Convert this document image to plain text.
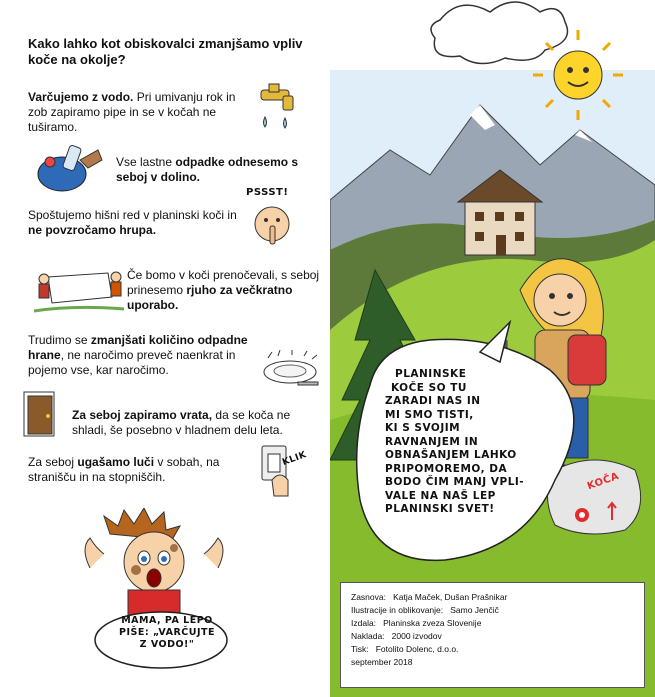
Kako lahko kot obiskovalci zmanjšamo vpliv koče na okolje?
Varčujemo z vodo. Pri umivanju rok in zob zapiramo pipe in se v kočah ne tuširamo.
Vse lastne odpadke odnesemo s seboj v dolino.
Spoštujemo hišni red v planinski koči in ne povzročamo hrupa.
PSSST!
Če bomo v koči prenočevali, s seboj prinesemo rjuho za večkratno uporabo.
Trudimo se zmanjšati količino odpadne hrane, ne naročimo preveč naenkrat in pojemo vse, kar naročimo.
Za seboj zapiramo vrata, da se koča ne shladi, še posebno v hladnem delu leta.
Za seboj ugašamo luči v sobah, na stranišču in na stopniščih.
KLIK
MAMA, PA LEPO
PIŠE: „VARČUJTE
Z VODO!"
KOČA
PLANINSKE
KOČE SO TU
ZARADI NAS IN
MI SMO TISTI,
KI S SVOJIM
RAVNANJEM IN
OBNAŠANJEM LAHKO
PRIPOMOREMO, DA
BODO ČIM MANJ VPLI-
VALE NA NAŠ LEP
PLANINSKI SVET!
Zasnova: Katja Maček, Dušan Prašnikar
Ilustracije in oblikovanje: Samo Jenčič
Izdala: Planinska zveza Slovenije
Naklada: 2000 izvodov
Tisk: Fotolito Dolenc, d.o.o.
september 2018
